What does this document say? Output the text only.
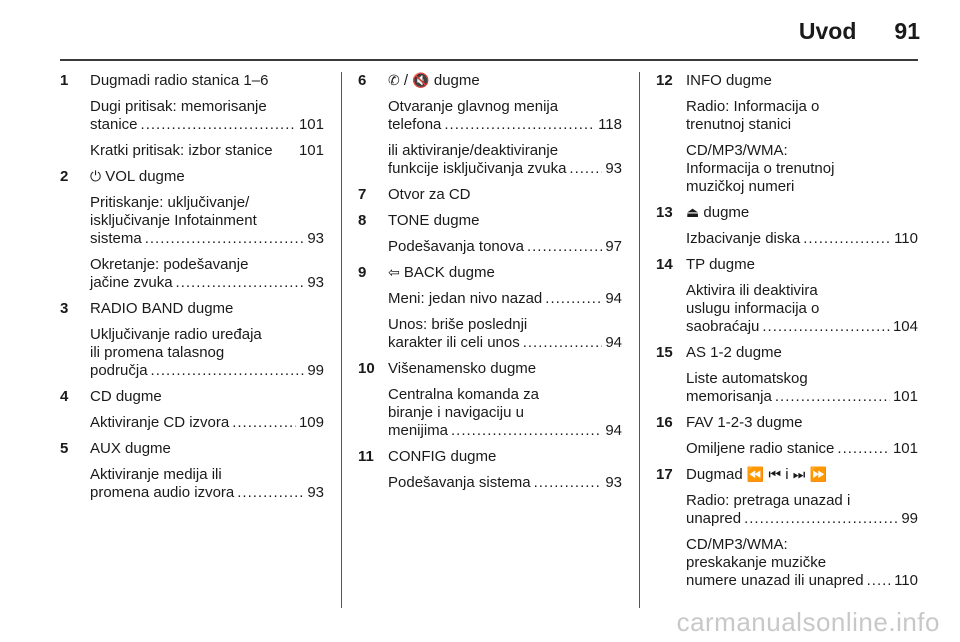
Uvod 91
1	Dugmadi radio stanica 1–6
Dugi pritisak: memorisanje
stanice .....	101
Kratki pritisak: izbor stanice 101
2	⏻ VOL dugme
Pritiskanje: uključivanje/
isključivanje Infotainment
sistema .....	93
Okretanje: podešavanje
jačine zvuka .....	93
3	RADIO BAND dugme
Uključivanje radio uređaja
ili promena talasnog
područja .....	99
4	CD dugme
Aktiviranje CD izvora .....	109
5	AUX dugme
Aktiviranje medija ili
promena audio izvora .....	93
6	✆ / 🔇 dugme
Otvaranje glavnog menija
telefona .....	118
ili aktiviranje/deaktiviranje
funkcije isključivanja zvuka .....	93
7	Otvor za CD
8	TONE dugme
Podešavanja tonova .....	97
9	⇦ BACK dugme
Meni: jedan nivo nazad .....	94
Unos: briše poslednji
karakter ili celi unos .....	94
10 Višenamensko dugme
Centralna komanda za
biranje i navigaciju u
menijima .....	94
11 CONFIG dugme
Podešavanja sistema .....	93
12 INFO dugme
Radio: Informacija o
trenutnoj stanici
CD/MP3/WMA:
Informacija o trenutnoj
muzičkoj numeri
13 ⏏ dugme
Izbacivanje diska .....	110
14 TP dugme
Aktivira ili deaktivira
uslugu informacija o
saobraćaju .....	104
15 AS 1-2 dugme
Liste automatskog
memorisanja .....	101
16 FAV 1-2-3 dugme
Omiljene radio stanice .....	101
17 Dugmad ⏪ ⏮ i ⏭ ⏩
Radio: pretraga unazad i
unapred .....	99
CD/MP3/WMA:
preskakanje muzičke
numere unazad ili unapred ..... 110
carmanualsonline.info
